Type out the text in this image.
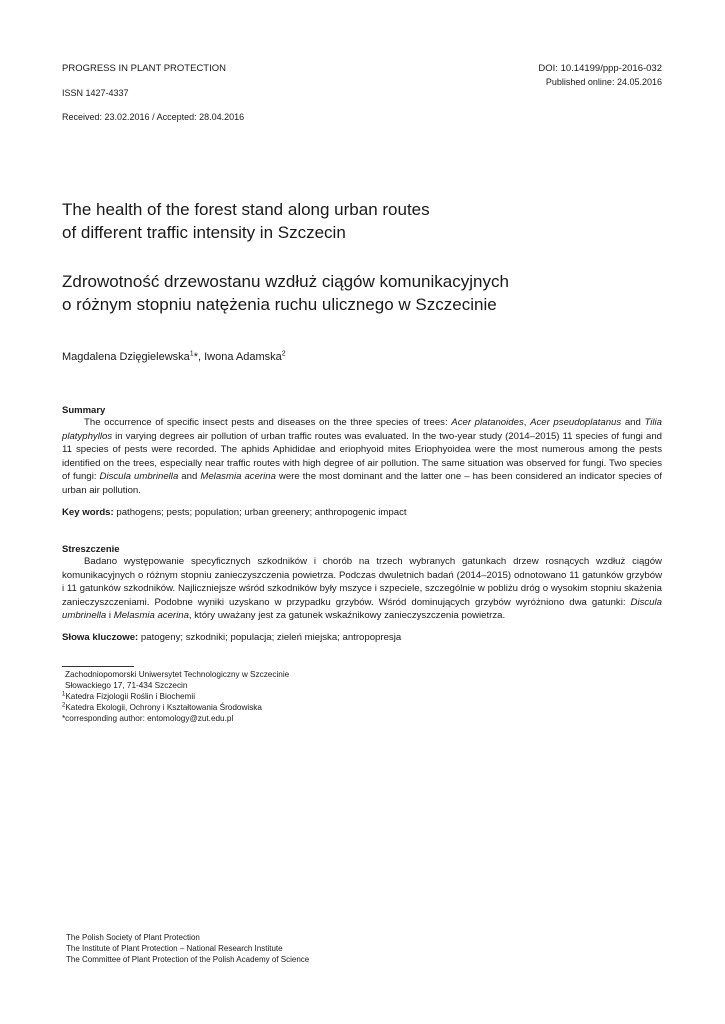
PROGRESS IN PLANT PROTECTION
ISSN 1427-4337
Received: 23.02.2016 / Accepted: 28.04.2016
DOI: 10.14199/ppp-2016-032
Published online: 24.05.2016
The health of the forest stand along urban routes
of different traffic intensity in Szczecin
Zdrowotność drzewostanu wzdłuż ciągów komunikacyjnych
o różnym stopniu natężenia ruchu ulicznego w Szczecinie
Magdalena Dzięgielewska$^1$*, Iwona Adamska$^2$
Summary

The occurrence of specific insect pests and diseases on the three species of trees: Acer platanoides, Acer pseudoplatanus and Tilia platyphyllos in varying degrees air pollution of urban traffic routes was evaluated. In the two-year study (2014–2015) 11 species of fungi and 11 species of pests were recorded. The aphids Aphididae and eriophyoid mites Eriophyoidea were the most numerous among the pests identified on the trees, especially near traffic routes with high degree of air pollution. The same situation was observed for fungi. Two species of fungi: Discula umbrinella and Melasmia acerina were the most dominant and the latter one – has been considered an indicator species of urban air pollution.

Key words: pathogens; pests; population; urban greenery; anthropogenic impact
Streszczenie

Badano występowanie specyficznych szkodników i chorób na trzech wybranych gatunkach drzew rosnących wzdłuż ciągów komunikacyjnych o różnym stopniu zanieczyszczenia powietrza. Podczas dwuletnich badań (2014–2015) odnotowano 11 gatunków grzybów i 11 gatunków szkodników. Najliczniejsze wśród szkodników były mszyce i szpeciele, szczególnie w pobliżu dróg o wysokim stopniu skażenia zanieczyszczeniami. Podobne wyniki uzyskano w przypadku grzybów. Wśród dominujących grzybów wyróżniono dwa gatunki: Discula umbrinella i Melasmia acerina, który uważany jest za gatunek wskaźnikowy zanieczyszczenia powietrza.

Słowa kluczowe: patogeny; szkodniki; populacja; zieleń miejska; antropopresja
Zachodniopomorski Uniwersytet Technologiczny w Szczecinie
Słowackiego 17, 71-434 Szczecin
$^1$Katedra Fizjologii Roślin i Biochemii
$^2$Katedra Ekologii, Ochrony i Kształtowania Środowiska
*corresponding author: entomology@zut.edu.pl
The Polish Society of Plant Protection
The Institute of Plant Protection – National Research Institute
The Committee of Plant Protection of the Polish Academy of Science
